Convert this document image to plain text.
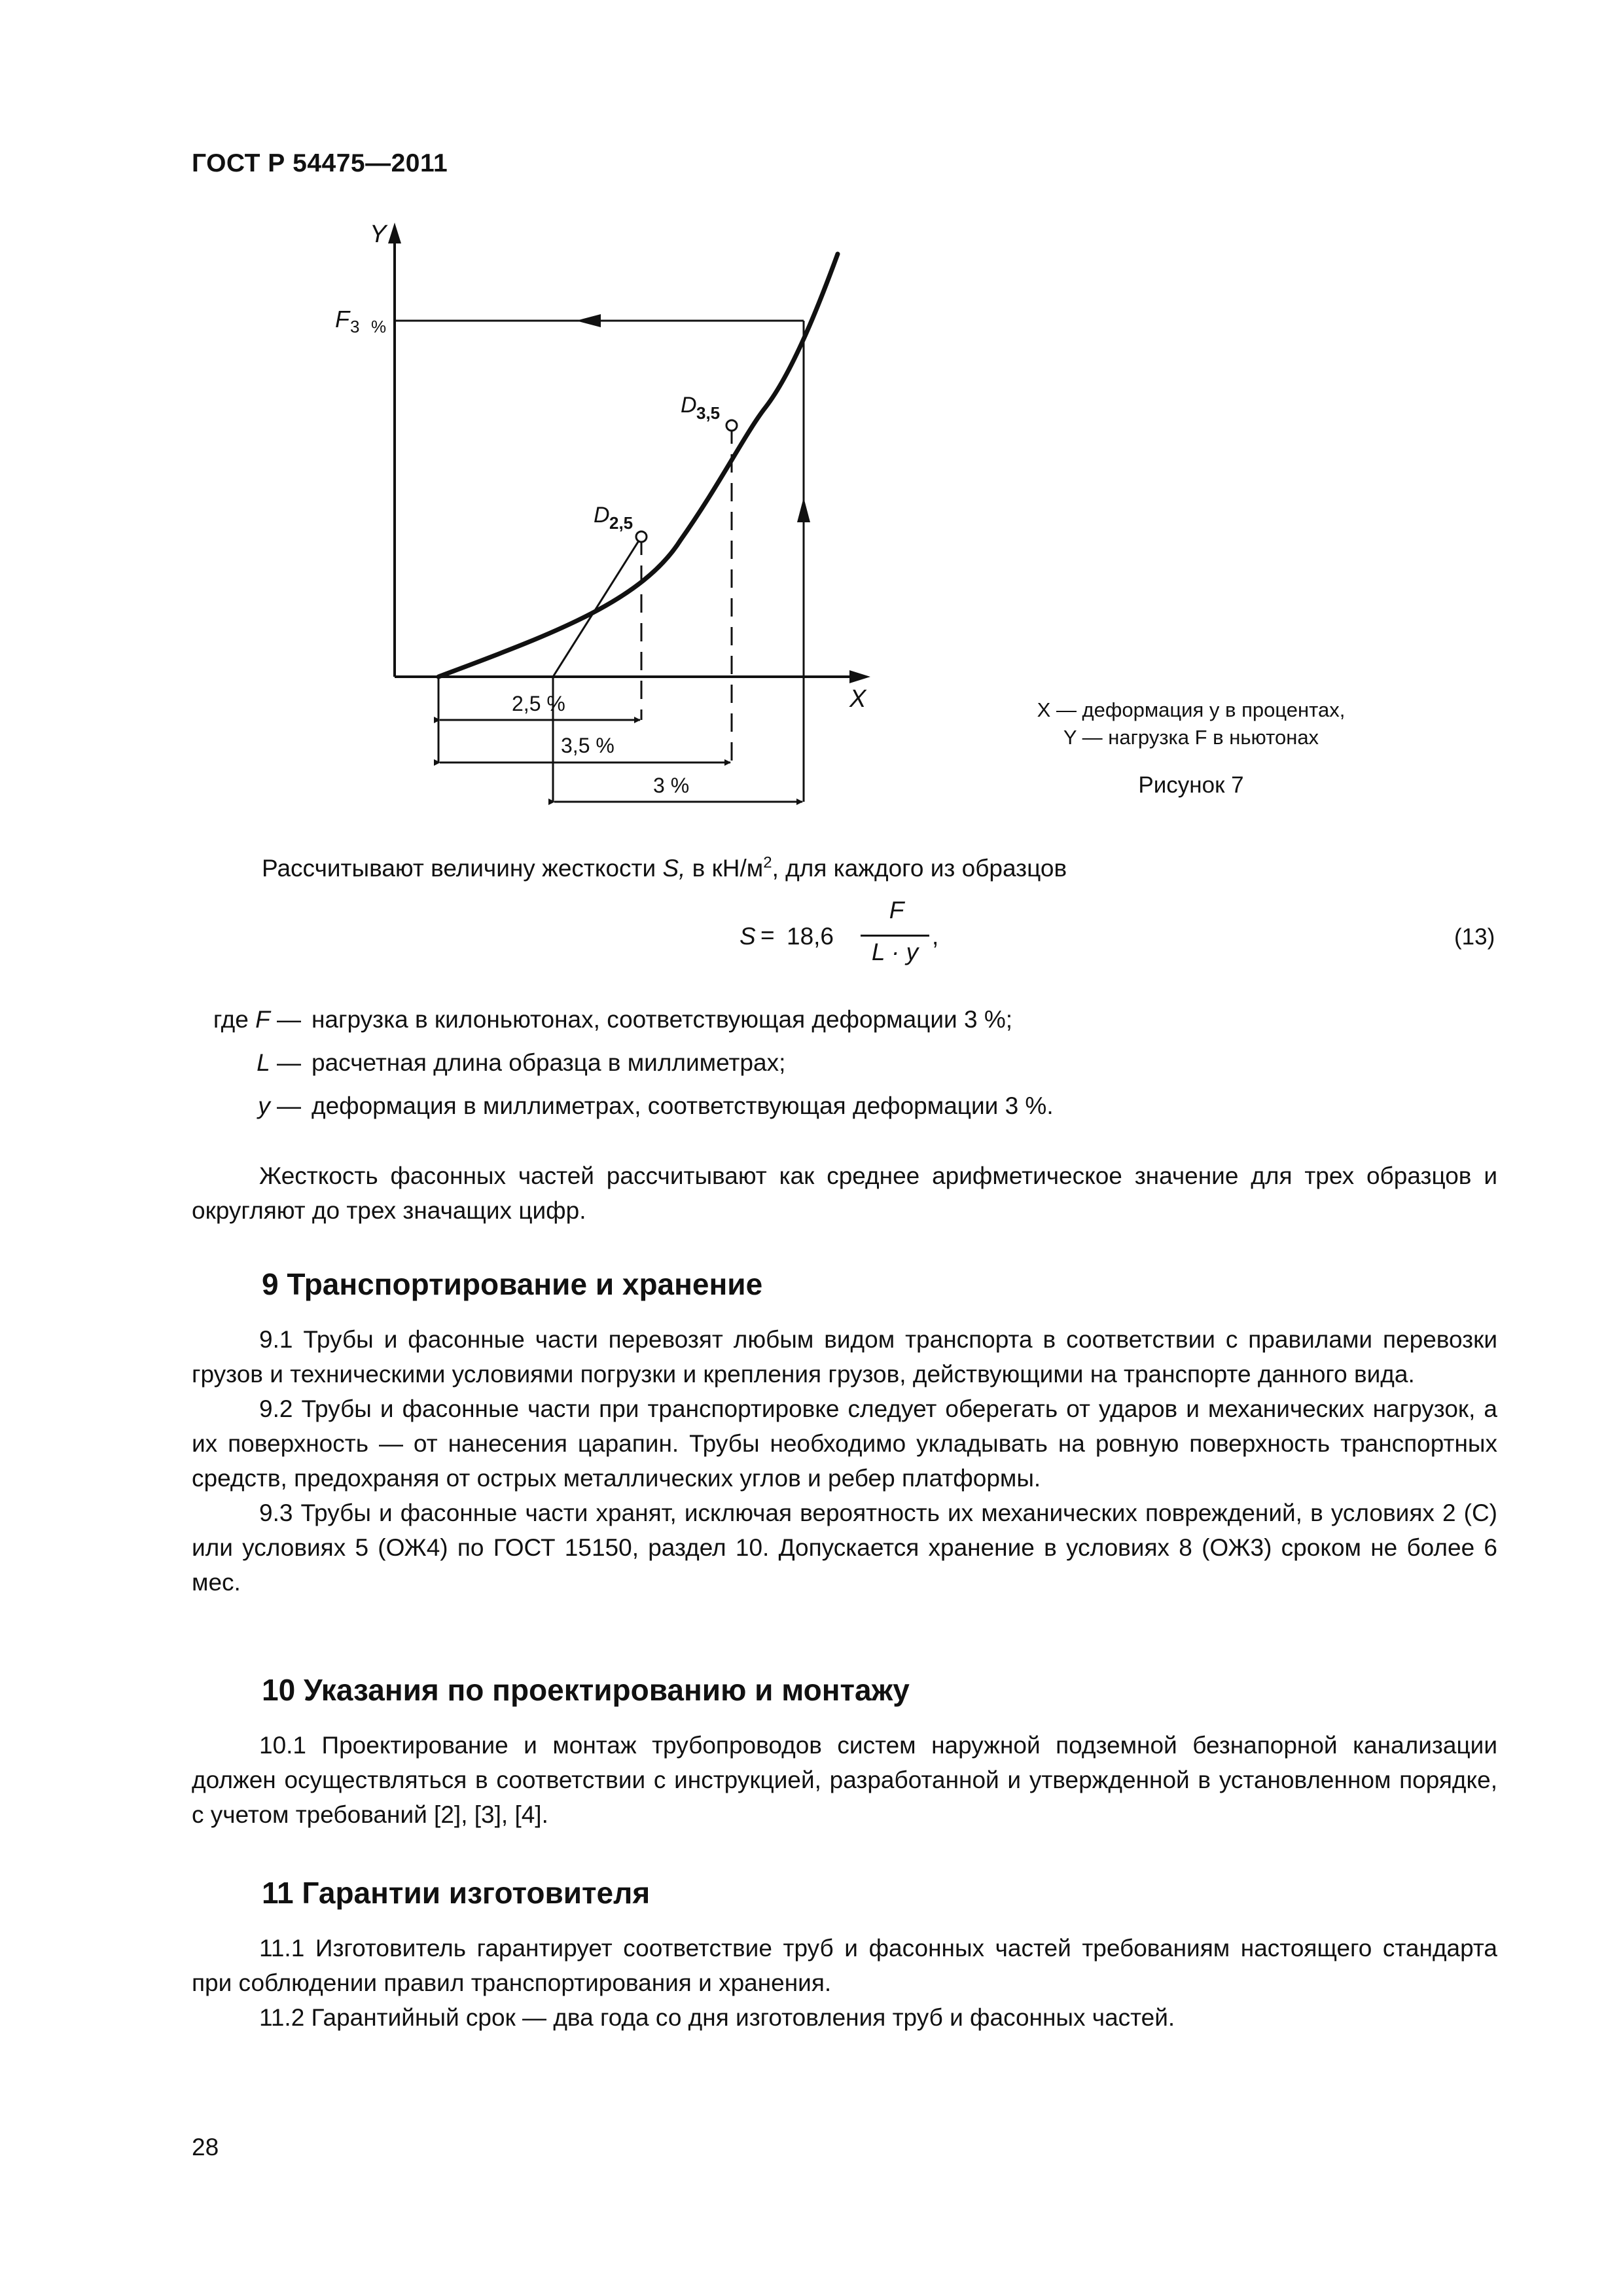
ГОСТ Р 54475—2011
Y
X
F 3 %
D 3,5
D 2,5
2,5 %
3,5 %
3 %
X — деформация y в процентах,
Y — нагрузка F в ньютонах
Рисунок 7
Рассчитывают величину жесткости S, в $кН/м^2$, для каждого из образцов
S = 18,6
F
L · y
,	(13)
где F — нагрузка в килоньютонах, соответствующая деформации 3 %;
L — расчетная длина образца в миллиметрах;
y — деформация в миллиметрах, соответствующая деформации 3 %.
Жесткость фасонных частей рассчитывают как среднее арифметическое значение для трех образцов и округляют до трех значащих цифр.
9 Транспортирование и хранение
9.1 Трубы и фасонные части перевозят любым видом транспорта в соответствии с правилами перевозки грузов и техническими условиями погрузки и крепления грузов, действующими на транспорте данного вида.
9.2 Трубы и фасонные части при транспортировке следует оберегать от ударов и механических нагрузок, а их поверхность — от нанесения царапин. Трубы необходимо укладывать на ровную поверхность транспортных средств, предохраняя от острых металлических углов и ребер платформы.
9.3 Трубы и фасонные части хранят, исключая вероятность их механических повреждений, в условиях 2 (С) или условиях 5 (ОЖ4) по ГОСТ 15150, раздел 10. Допускается хранение в условиях 8 (ОЖ3) сроком не более 6 мес.
10 Указания по проектированию и монтажу
10.1 Проектирование и монтаж трубопроводов систем наружной подземной безнапорной канализации должен осуществляться в соответствии с инструкцией, разработанной и утвержденной в установленном порядке, с учетом требований [2], [3], [4].
11 Гарантии изготовителя
11.1 Изготовитель гарантирует соответствие труб и фасонных частей требованиям настоящего стандарта при соблюдении правил транспортирования и хранения.
11.2 Гарантийный срок — два года со дня изготовления труб и фасонных частей.
28
